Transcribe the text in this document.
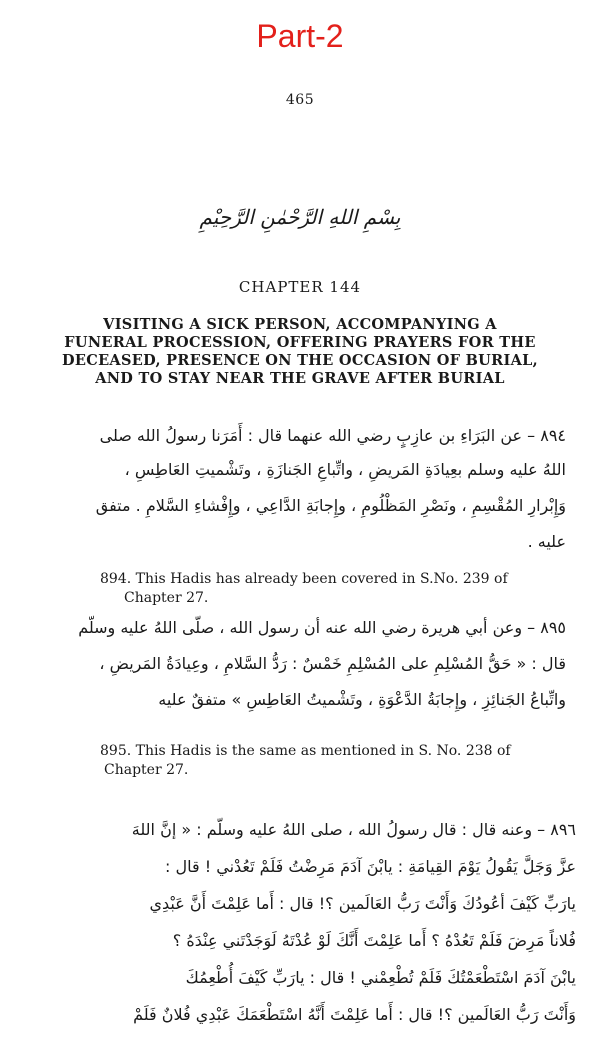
Part-2
465
بِسْمِ اللهِ الرَّحْمٰنِ الرَّحِيْمِ
CHAPTER 144
VISITING A SICK PERSON, ACCOMPANYING A FUNERAL PROCESSION, OFFERING PRAYERS FOR THE DECEASED, PRESENCE ON THE OCCASION OF BURIAL, AND TO STAY NEAR THE GRAVE AFTER BURIAL
٨٩٤ – عن البَرَاءِ بن عازِبٍ رضي الله عنهما قال : أَمَرَنا رسولُ الله صلى
اللهُ عليه وسلم بعِيادَةِ المَريضِ ، واتِّباعِ الجَنازَةِ ، وتَشْميتِ العَاطِسِ ،
وَإِبْرارِ المُقْسِمِ ، ونَصْرِ المَظْلُومِ ، وإِجابَةِ الدَّاعِي ، وإِفْشاءِ السَّلامِ . متفق
عليه .
894. This Hadis has already been covered in S.No. 239 of
Chapter 27.
٨٩٥ – وعن أبي هريرة رضي الله عنه أن رسول الله ، صلّى اللهُ عليه وسلّم
قال : « حَقُّ المُسْلِمِ على المُسْلِمِ خَمْسٌ : رَدُّ السَّلامِ ، وعِيادَةُ المَريضِ ،
واتِّباعُ الجَنائِزِ ، وإِجابَةُ الدَّعْوَةِ ، وتَشْميتُ العَاطِسِ » متفقٌ عليه
895. This Hadis is the same as mentioned in S. No. 238 of
Chapter 27.
٨٩٦ – وعنه قال : قال رسولُ الله ، صلى اللهُ عليه وسلّم : « إنَّ اللهَ
عزَّ وَجَلَّ يَقُولُ يَوْمَ القِيامَةِ : يابْنَ آدَمَ مَرِضْتُ فَلَمْ تَعُدْني ! قال :
يارَبِّ كَيْفَ أعُودُكَ وَأَنْتَ رَبُّ العَالَمين ؟! قال : أَما عَلِمْتَ أَنَّ عَبْدِي
فُلاناً مَرِضَ فَلَمْ تَعُدْهُ ؟ أَما عَلِمْتَ أَنَّكَ لَوْ عُدْتَهُ لَوَجَدْتَني عِنْدَهُ ؟
يابْنَ آدَمَ اسْتَطْعَمْتُكَ فَلَمْ تُطْعِمْني ! قال : يارَبِّ كَيْفَ أُطْعِمُكَ
وَأَنْتَ رَبُّ العَالَمين ؟! قال : أَما عَلِمْتَ أَنَّهُ اسْتَطْعَمَكَ عَبْدِي فُلانٌ فَلَمْ
